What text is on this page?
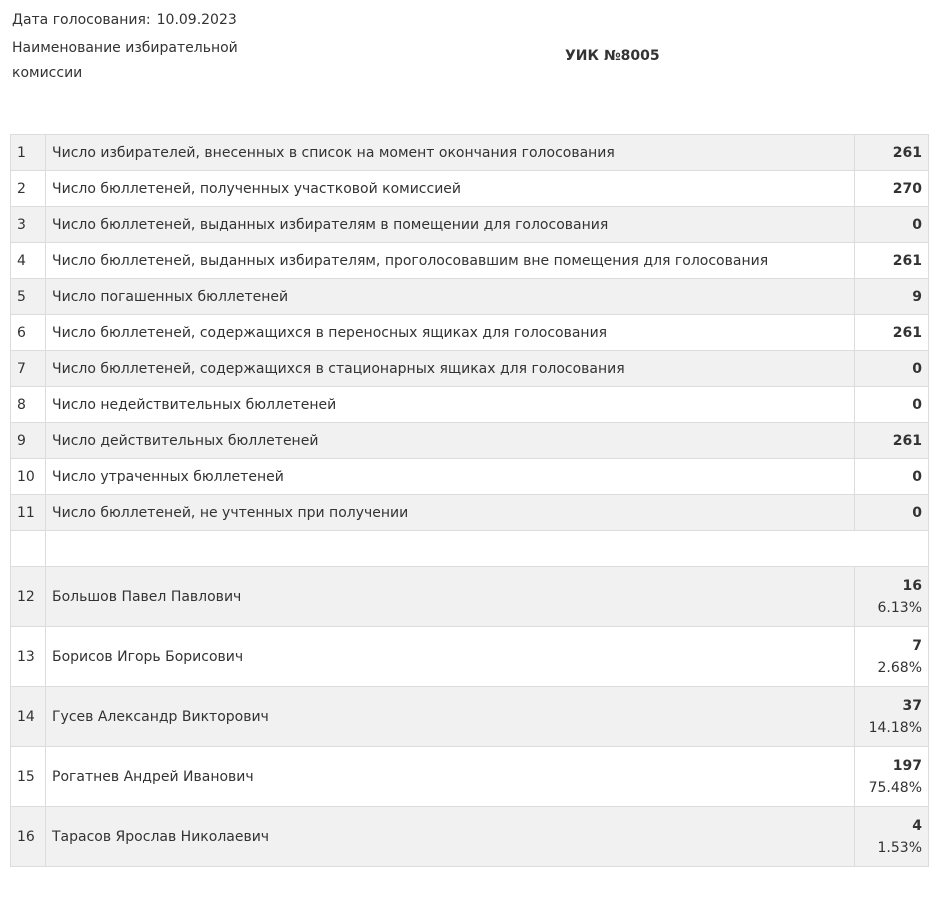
Дата голосования: 10.09.2023
Наименование избирательной комиссии
УИК №8005
1	Число избирателей, внесенных в список на момент окончания голосования	261
2	Число бюллетеней, полученных участковой комиссией	270
3	Число бюллетеней, выданных избирателям в помещении для голосования	0
4	Число бюллетеней, выданных избирателям, проголосовавшим вне помещения для голосования	261
5	Число погашенных бюллетеней	9
6	Число бюллетеней, содержащихся в переносных ящиках для голосования	261
7	Число бюллетеней, содержащихся в стационарных ящиках для голосования	0
8	Число недействительных бюллетеней	0
9	Число действительных бюллетеней	261
10	Число утраченных бюллетеней	0
11	Число бюллетеней, не учтенных при получении	0

12	Большов Павел Павлович	16
6.13%

13	Борисов Игорь Борисович	7
2.68%

14	Гусев Александр Викторович	37
14.18%

15	Рогатнев Андрей Иванович	197
75.48%

16	Тарасов Ярослав Николаевич	4
1.53%
